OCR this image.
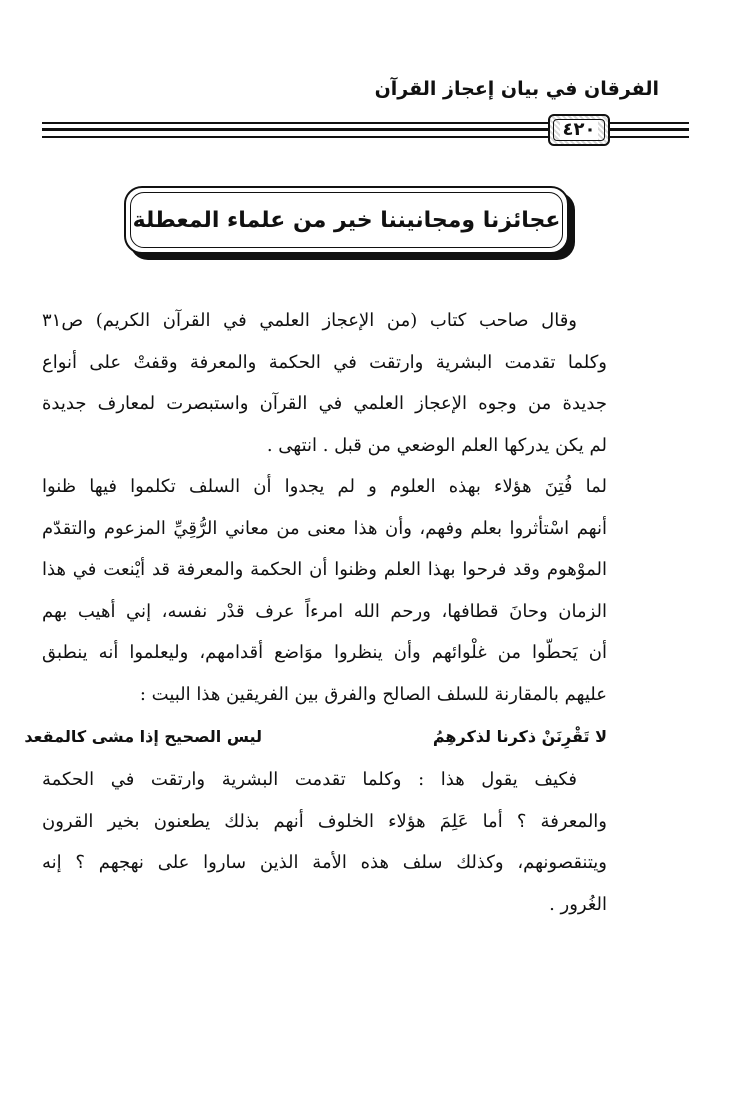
الفرقان في بيان إعجاز القرآن
٤٢٠
عجائزنا ومجانيننا خير من علماء المعطلة
وقال صاحب كتاب (من الإعجاز العلمي في القرآن الكريم) ص٣١
وكلما تقدمت البشرية وارتقت في الحكمة والمعرفة وقفتْ على أنواع
جديدة من وجوه الإعجاز العلمي في القرآن واستبصرت لمعارف جديدة
لم يكن يدركها العلم الوضعي من قبل . انتهى .
لما فُتِنَ هؤلاء بهذه العلوم و لم يجدوا أن السلف تكلموا فيها ظنوا
أنهم اسْتأثروا بعلم وفهم، وأن هذا معنى من معاني الرُّقِيِّ المزعوم والتقدّم
الموْهوم وقد فرحوا بهذا العلم وظنوا أن الحكمة والمعرفة قد أيْنعت في هذا
الزمان وحانَ قطافها، ورحم الله امرءاً عرف قدْر نفسه، إني أهيب بهم
أن يَحطّوا من غلْوائهم وأن ينظروا موَاضع أقدامهم، وليعلموا أنه ينطبق
عليهم بالمقارنة للسلف الصالح والفرق بين الفريقين هذا البيت :
لا تَقْرِنَنْ ذكرنا لذكرهِمُ
ليس الصحيح إذا مشى كالمقعد
فكيف يقول هذا : وكلما تقدمت البشرية وارتقت في الحكمة
والمعرفة ؟ أما عَلِمَ هؤلاء الخلوف أنهم بذلك يطعنون بخير القرون
ويتنقصونهم، وكذلك سلف هذه الأمة الذين ساروا على نهجهم ؟ إنه
الغُرور .
